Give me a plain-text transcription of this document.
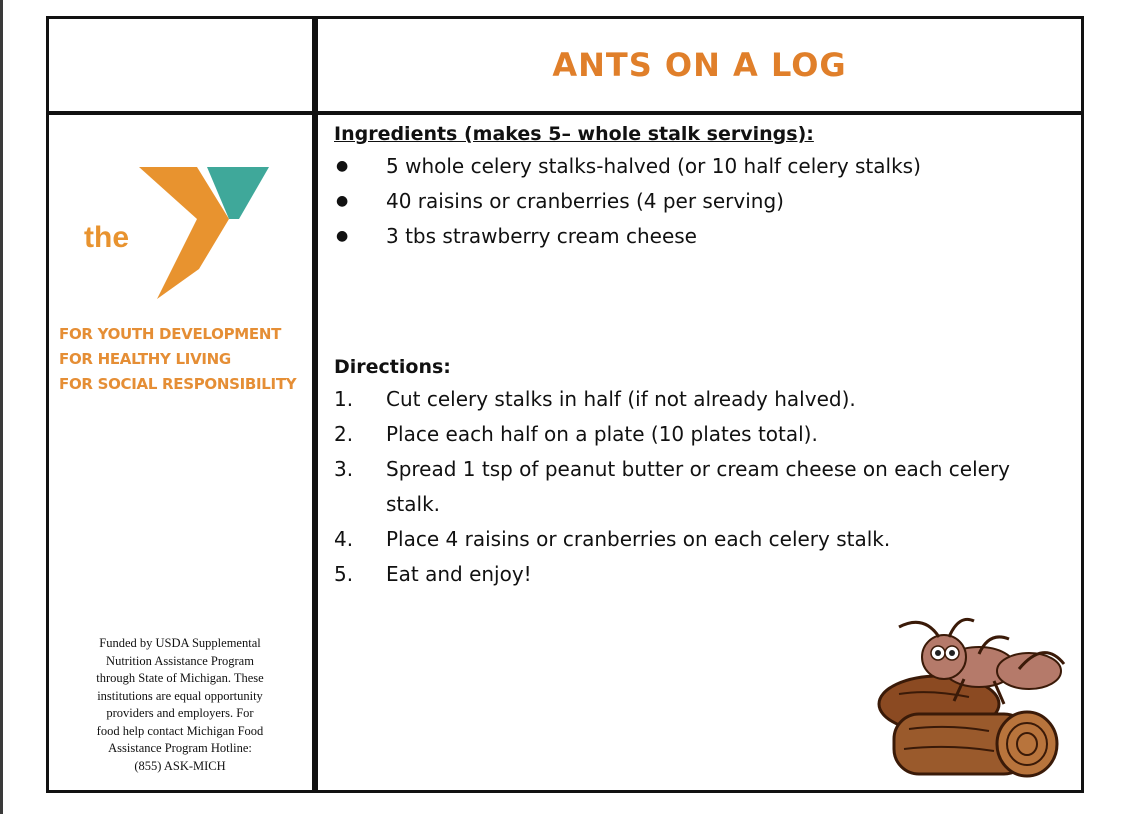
ANTS ON A LOG
the
YMCA
FOR YOUTH DEVELOPMENT
FOR HEALTHY LIVING
FOR SOCIAL RESPONSIBILITY
Funded by USDA Supplemental
Nutrition Assistance Program
through State of Michigan. These
institutions are equal opportunity
providers and employers. For
food help contact Michigan Food
Assistance Program Hotline:
(855) ASK-MICH

Ingredients (makes 5– whole stalk servings):

● 5 whole celery stalks-halved (or 10 half celery stalks)
● 40 raisins or cranberries (4 per serving)
● 3 tbs strawberry cream cheese

Directions:

1. Cut celery stalks in half (if not already halved).
2. Place each half on a plate (10 plates total).
3. Spread 1 tsp of peanut butter or cream cheese on each celery stalk.
4. Place 4 raisins or cranberries on each celery stalk.
5. Eat and enjoy!
